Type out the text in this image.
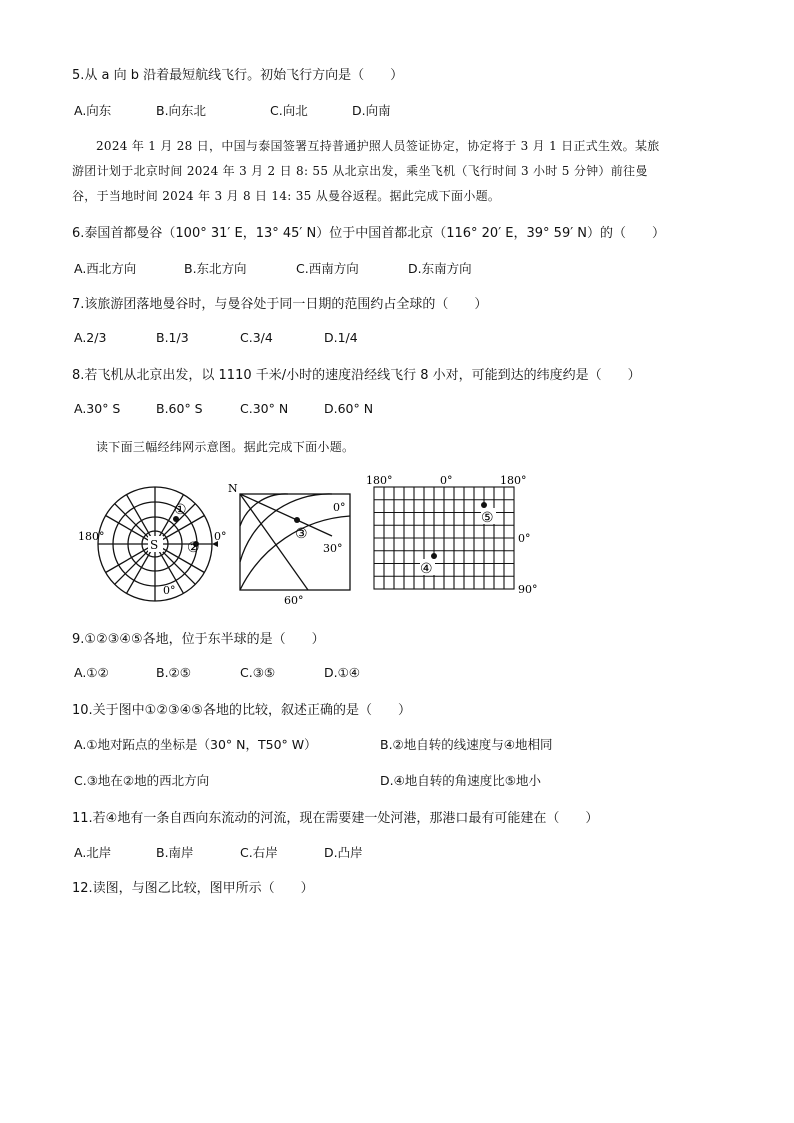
5.从 a 向 b 沿着最短航线飞行。初始飞行方向是（　　）
A.向东	B.向东北	C.向北	D.向南
2024 年 1 月 28 日，中国与泰国签署互持普通护照人员签证协定，协定将于 3 月 1 日正式生效。某旅
游团计划于北京时间 2024 年 3 月 2 日 8: 55 从北京出发，乘坐飞机（飞行时间 3 小时 5 分钟）前往曼
谷，于当地时间 2024 年 3 月 8 日 14: 35 从曼谷返程。据此完成下面小题。
6.泰国首都曼谷（100° 31′ E，13° 45′ N）位于中国首都北京（116° 20′ E，39° 59′ N）的（　　）
A.西北方向	B.东北方向	C.西南方向	D.东南方向
7.该旅游团落地曼谷时，与曼谷处于同一日期的范围约占全球的（　　）
A.2/3	B.1/3	C.3/4	D.1/4
8.若飞机从北京出发，以 1110 千米/小时的速度沿经线飞行 8 小对，可能到达的纬度约是（　　）
A.30° S	B.60° S	C.30° N	D.60° N
读下面三幅经纬网示意图。据此完成下面小题。
180°	0°
0°
S
①
②
N
0°
30°
60°
③
180°	0°	180°
0°
90°
⑤
④
9.①②③④⑤各地，位于东半球的是（　　）
A.①②	B.②⑤	C.③⑤	D.①④
10.关于图中①②③④⑤各地的比较，叙述正确的是（　　）
A.①地对跖点的坐标是（30° N，T50° W）	B.②地自转的线速度与④地相同
C.③地在②地的西北方向	D.④地自转的角速度比⑤地小
11.若④地有一条自西向东流动的河流，现在需要建一处河港，那港口最有可能建在（　　）
A.北岸	B.南岸	C.右岸	D.凸岸
12.读图，与图乙比较，图甲所示（　　）
